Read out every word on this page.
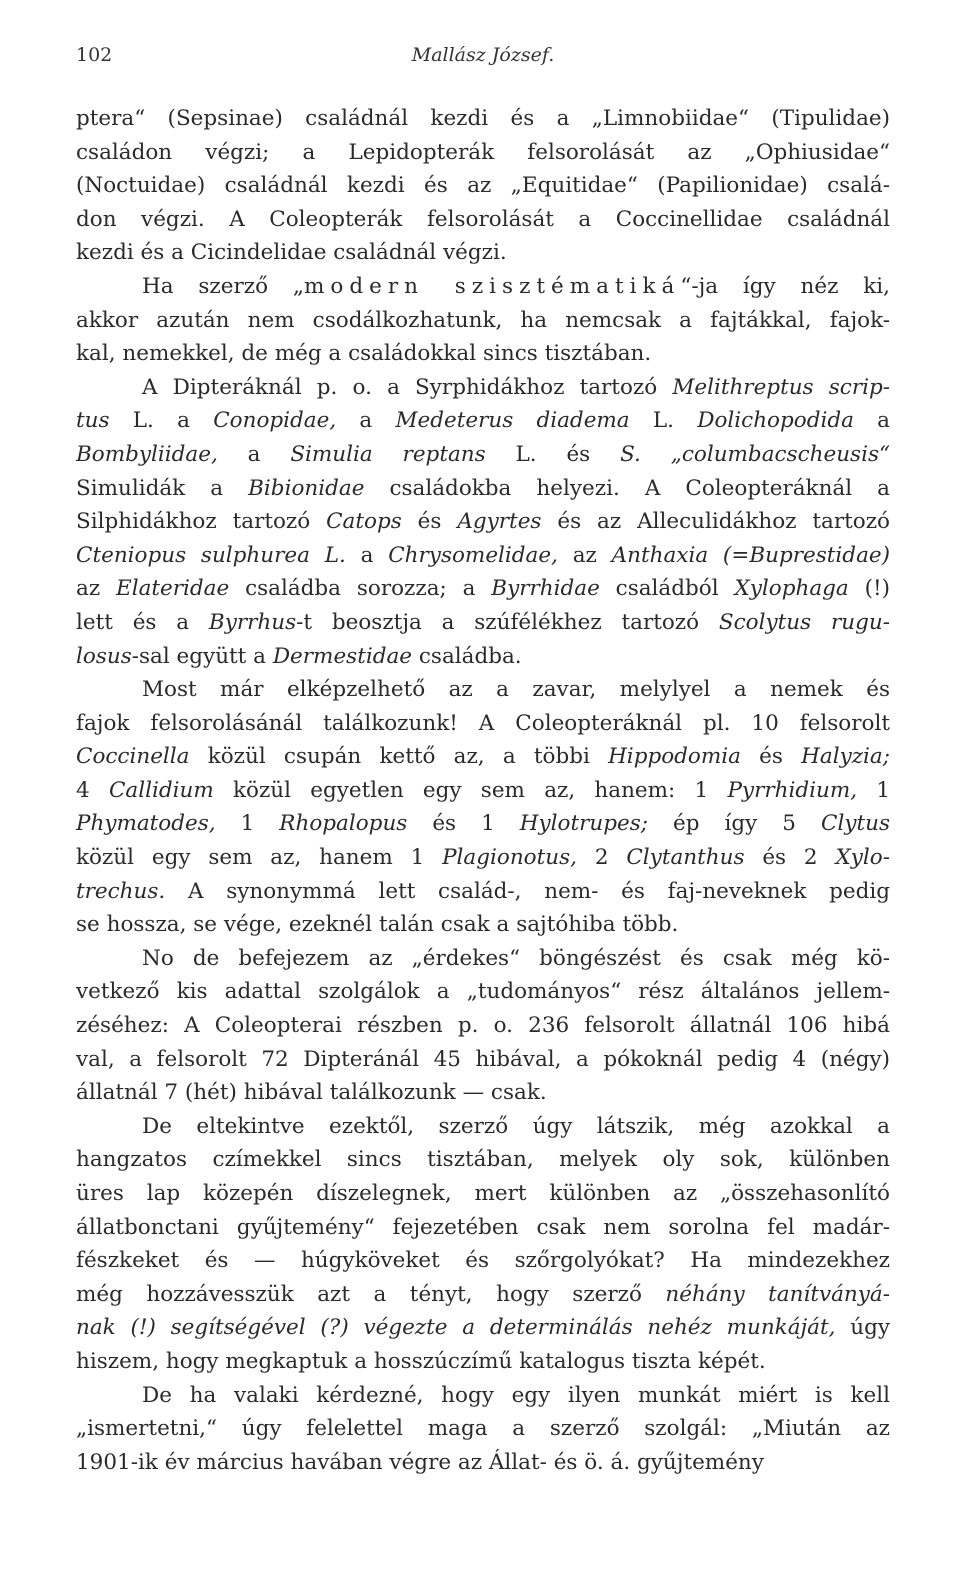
102	Mallász József.
ptera“ (Sepsinae) családnál kezdi és a „Limnobiidae“ (Tipulidae)
családon végzi; a Lepidopterák felsorolását az „Ophiusidae“
(Noctuidae) családnál kezdi és az „Equitidae“ (Papilionidae) csalá-
don végzi. A Coleopterák felsorolását a Coccinellidae családnál
kezdi és a Cicindelidae családnál végzi.
Ha szerző „modern szisztématiká“-ja így néz ki,
akkor azután nem csodálkozhatunk, ha nemcsak a fajtákkal, fajok-
kal, nemekkel, de még a családokkal sincs tisztában.
A Dipteráknál p. o. a Syrphidákhoz tartozó Melithreptus scrip-
tus L. a Conopidae, a Medeterus diadema L. Dolichopodida a
Bombyliidae, a Simulia reptans L. és S. „columbacscheusis“
Simulidák a Bibionidae családokba helyezi. A Coleopteráknál a
Silphidákhoz tartozó Catops és Agyrtes és az Alleculidákhoz tartozó
Cteniopus sulphurea L. a Chrysomelidae, az Anthaxia (=Buprestidae)
az Elateridae családba sorozza; a Byrrhidae családból Xylophaga (!)
lett és a Byrrhus-t beosztja a szúfélékhez tartozó Scolytus rugu-
losus-sal együtt a Dermestidae családba.
Most már elképzelhető az a zavar, melylyel a nemek és
fajok felsorolásánál találkozunk! A Coleopteráknál pl. 10 felsorolt
Coccinella közül csupán kettő az, a többi Hippodomia és Halyzia;
4 Callidium közül egyetlen egy sem az, hanem: 1 Pyrrhidium, 1
Phymatodes, 1 Rhopalopus és 1 Hylotrupes; ép így 5 Clytus
közül egy sem az, hanem 1 Plagionotus, 2 Clytanthus és 2 Xylo-
trechus. A synonymmá lett család-, nem- és faj-neveknek pedig
se hossza, se vége, ezeknél talán csak a sajtóhiba több.
No de befejezem az „érdekes“ böngészést és csak még kö-
vetkező kis adattal szolgálok a „tudományos“ rész általános jellem-
zéséhez: A Coleopterai részben p. o. 236 felsorolt állatnál 106 hibá
val, a felsorolt 72 Dipteránál 45 hibával, a pókoknál pedig 4 (négy)
állatnál 7 (hét) hibával találkozunk — csak.
De eltekintve ezektől, szerző úgy látszik, még azokkal a
hangzatos czímekkel sincs tisztában, melyek oly sok, különben
üres lap közepén díszelegnek, mert különben az „összehasonlító
állatbonctani gyűjtemény“ fejezetében csak nem sorolna fel madár-
fészkeket és — húgyköveket és szőrgolyókat? Ha mindezekhez
még hozzávesszük azt a tényt, hogy szerző néhány tanítványá-
nak (!) segítségével (?) végezte a determinálás nehéz munkáját, úgy
hiszem, hogy megkaptuk a hosszúczímű katalogus tiszta képét.
De ha valaki kérdezné, hogy egy ilyen munkát miért is kell
„ismertetni,“ úgy felelettel maga a szerző szolgál: „Miután az
1901-ik év március havában végre az Állat- és ö. á. gyűjtemény
